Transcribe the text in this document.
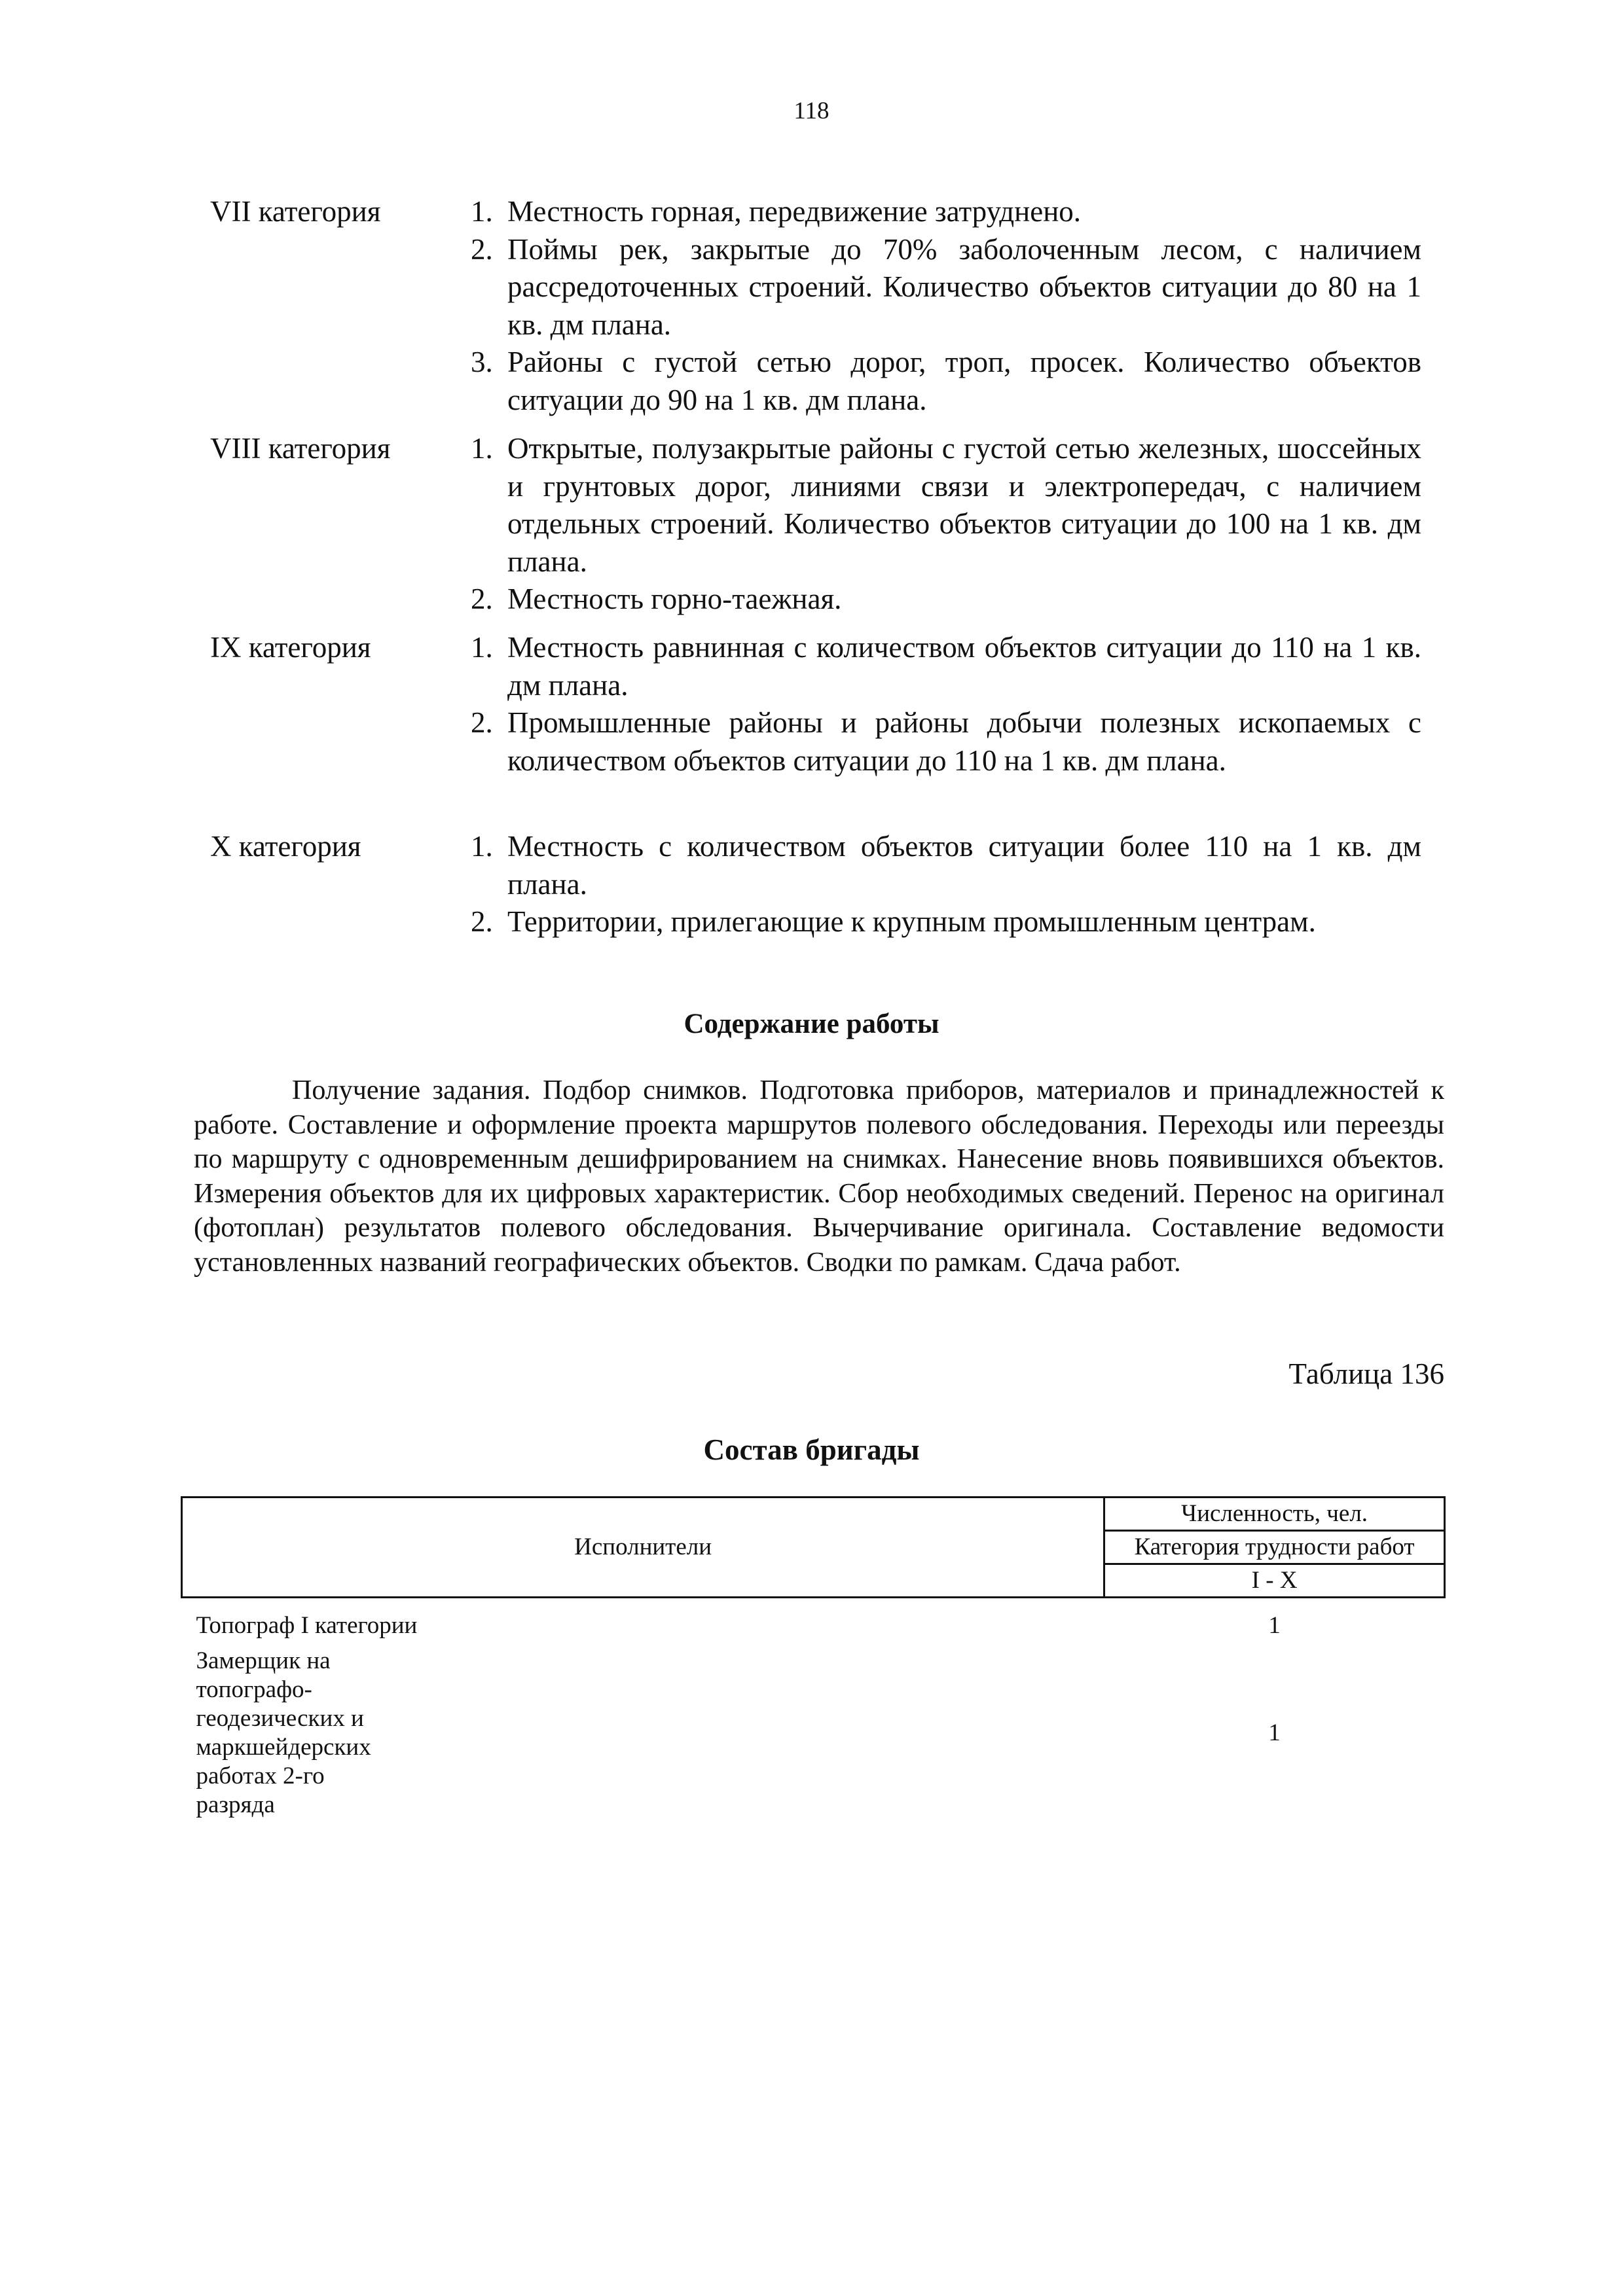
118
VII категория	1. Местность горная, передвижение затруднено.
2. Поймы рек, закрытые до 70% заболоченным лесом, с наличием рассредоточенных строений. Количество объектов ситуации до 80 на 1 кв. дм плана.
3. Районы с густой сетью дорог, троп, просек. Количество объектов ситуации до 90 на 1 кв. дм плана.
VIII категория	1. Открытые, полузакрытые районы с густой сетью железных, шоссейных и грунтовых дорог, линиями связи и электропередач, с наличием отдельных строений. Количество объектов ситуации до 100 на 1 кв. дм плана.
2. Местность горно-таежная.
IX категория	1. Местность равнинная с количеством объектов ситуации до 110 на 1 кв. дм плана.
2. Промышленные районы и районы добычи полезных ископаемых с количеством объектов ситуации до 110 на 1 кв. дм плана.
X категория	1. Местность с количеством объектов ситуации более 110 на 1 кв. дм плана.
2. Территории, прилегающие к крупным промышленным центрам.
Содержание работы

Получение задания. Подбор снимков. Подготовка приборов, материалов и принадлежностей к работе. Составление и оформление проекта маршрутов полевого обследования. Переходы или переезды по маршруту с одновременным дешифрированием на снимках. Нанесение вновь появившихся объектов. Измерения объектов для их цифровых характеристик. Сбор необходимых сведений. Перенос на оригинал (фотоплан) результатов полевого обследования. Вычерчивание оригинала. Составление ведомости установленных названий географических объектов. Сводки по рамкам. Сдача работ.

Таблица 136
Состав бригады
Исполнители	Численность, чел.
	Категория трудности работ
	I - X
Топограф I категории	1
Замерщик на топографо-геодезических и маркшейдерских работах 2-го разряда	1
